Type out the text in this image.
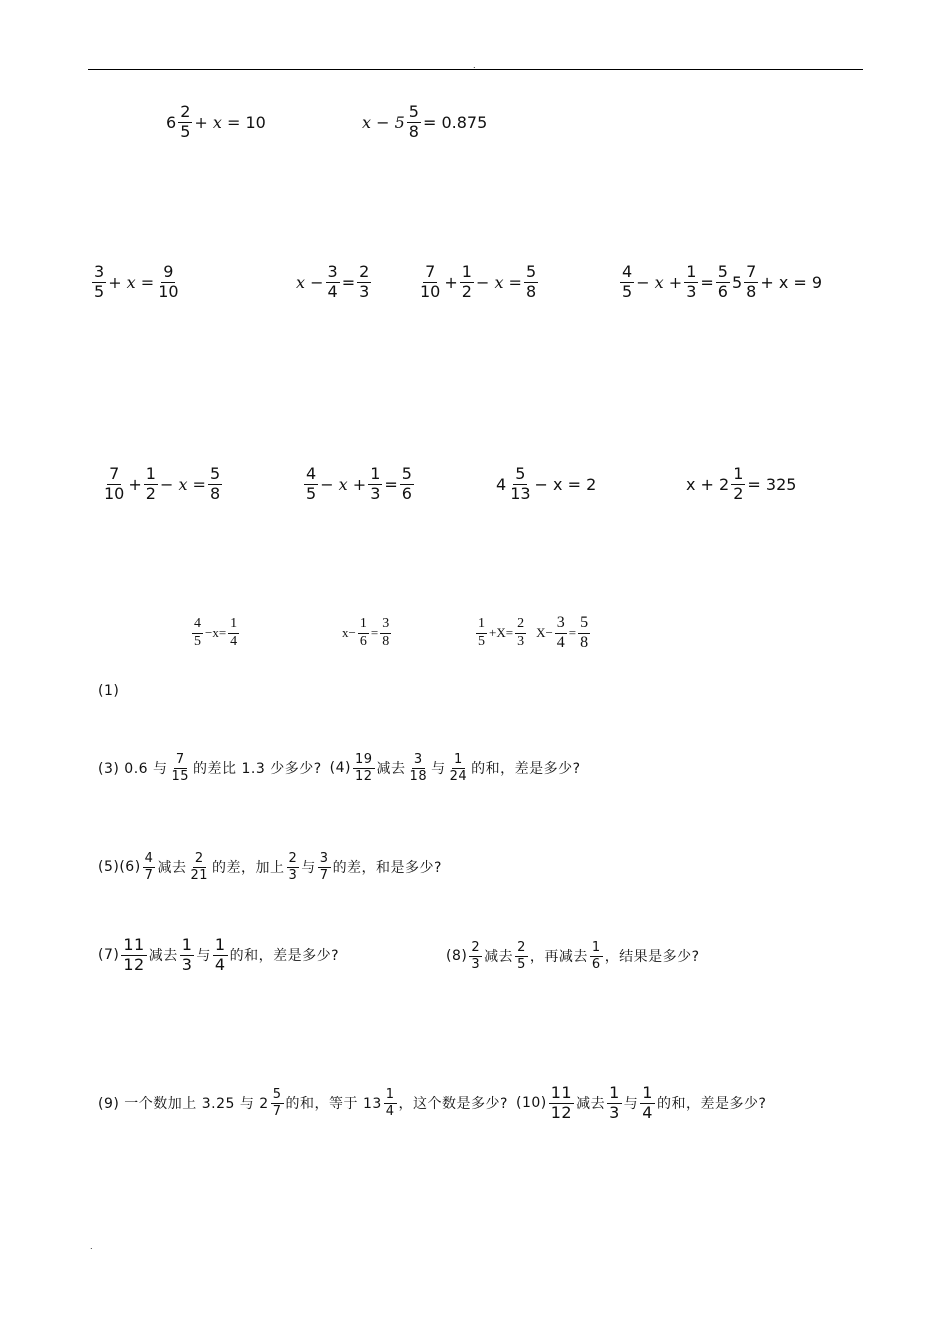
.
$6 \frac{2}{5} + x$ =
10	$x - 5 \frac{5}{8} = 0.875$
$\frac{3}{5} + x = \frac{9}{10}$	$x - \frac{3}{4} = \frac{2}{3}$	$\frac{7}{10} + \frac{1}{2} - x = \frac{5}{8}$	$\frac{4}{5} - x + \frac{1}{3} = \frac{5}{6} 5 \frac{7}{8} + x = 9$
$\frac{7}{10} + \frac{1}{2} - x = \frac{5}{8}$	$\frac{4}{5} - x + \frac{1}{3} = \frac{5}{6}$	$4 \frac{5}{13} - x = 2$	$x + 2 \frac{1}{2} = 325$
$\frac{4}{5} -x= \frac{1}{4}$	$x- \frac{1}{6} = \frac{3}{8}$	$\frac{1}{5} +X= \frac{2}{3} X- \frac{3}{4} = \frac{5}{8}$
(1)
(3) 0.6 与 $\frac{7}{15}$ 的差比 1.3 少多少? $(4) \frac{19}{12}$ 减去 $\frac{3}{18}$ 与 $\frac{1}{24}$ 的和，差是多少?
$(5)(6) \frac{4}{7}$ 减去 $\frac{2}{21}$ 的差，加上 $\frac{2}{3}$ 与 $\frac{3}{7}$ 的差，和是多少?
$(7) \frac{11}{12}$ 减去 $\frac{1}{3}$ 与 $\frac{1}{4}$ 的和，差是多少?	$(8) \frac{2}{3}$ 减去 $\frac{2}{5}$ ，再减去 $\frac{1}{6}$ ，结果是多少?
(9) 一个数加上 3.25 与 $2 \frac{5}{7}$ 的和，等于 $13 \frac{1}{4}$ ，这个数是多少? $(10) \frac{11}{12}$ 减去 $\frac{1}{3}$ 与 $\frac{1}{4}$ 的和，差是多少?
.
